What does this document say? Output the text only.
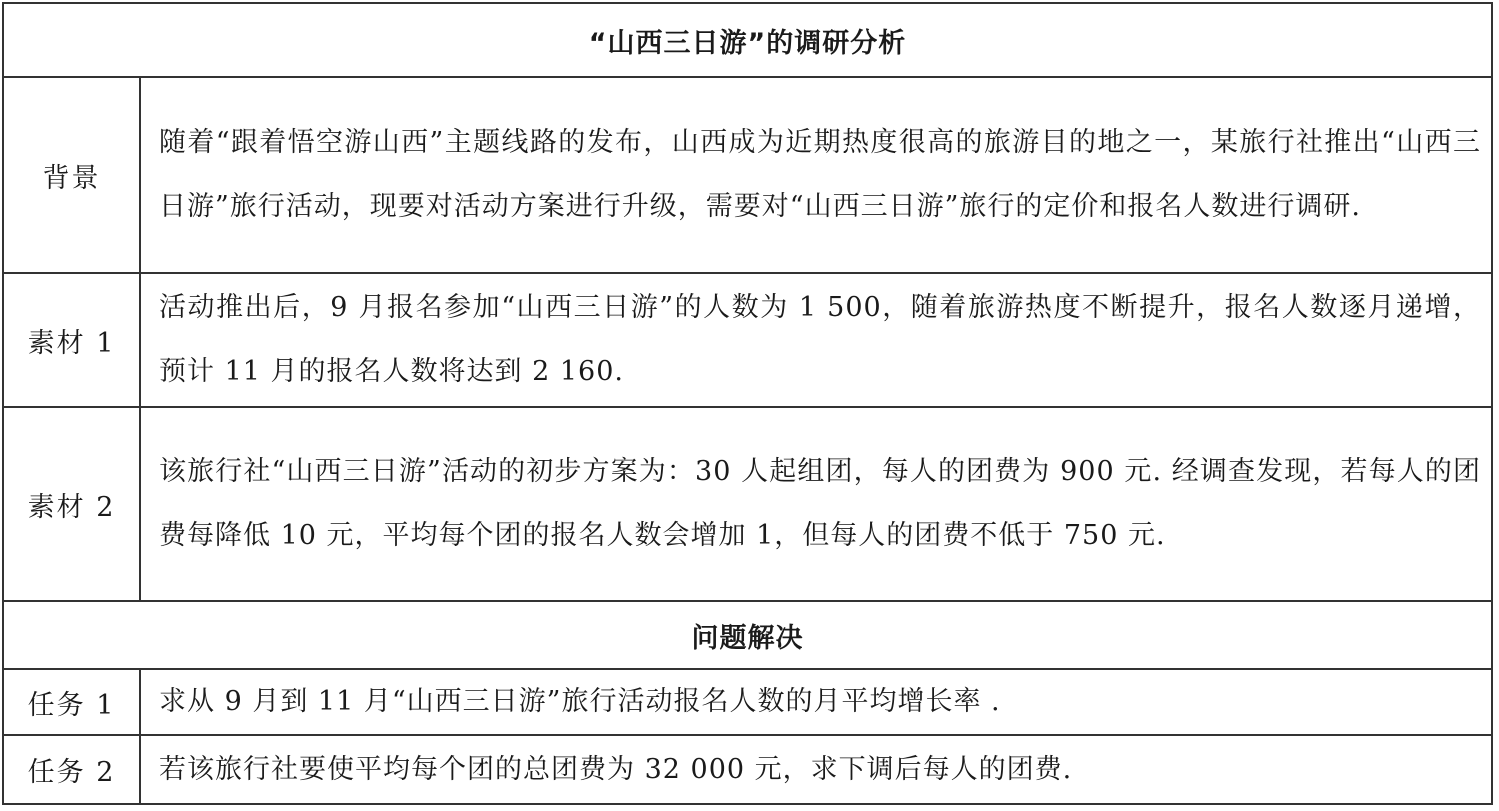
“山西三日游”的调研分析	
背景	随着“跟着悟空游山西”主题线路的发布，山西成为近期热度很高的旅游目的地之一，某旅行社推出“山西三日游”旅行活动，现要对活动方案进行升级，需要对“山西三日游”旅行的定价和报名人数进行调研.
素材 1	活动推出后，9 月报名参加“山西三日游”的人数为 1 500，随着旅游热度不断提升，报名人数逐月递增，预计 11 月的报名人数将达到 2 160.
素材 2	该旅行社“山西三日游”活动的初步方案为：30 人起组团，每人的团费为 900 元. 经调查发现，若每人的团费每降低 10 元，平均每个团的报名人数会增加 1，但每人的团费不低于 750 元.
问题解决	
任务 1	求从 9 月到 11 月“山西三日游”旅行活动报名人数的月平均增长率 .
任务 2	若该旅行社要使平均每个团的总团费为 32 000 元，求下调后每人的团费.
